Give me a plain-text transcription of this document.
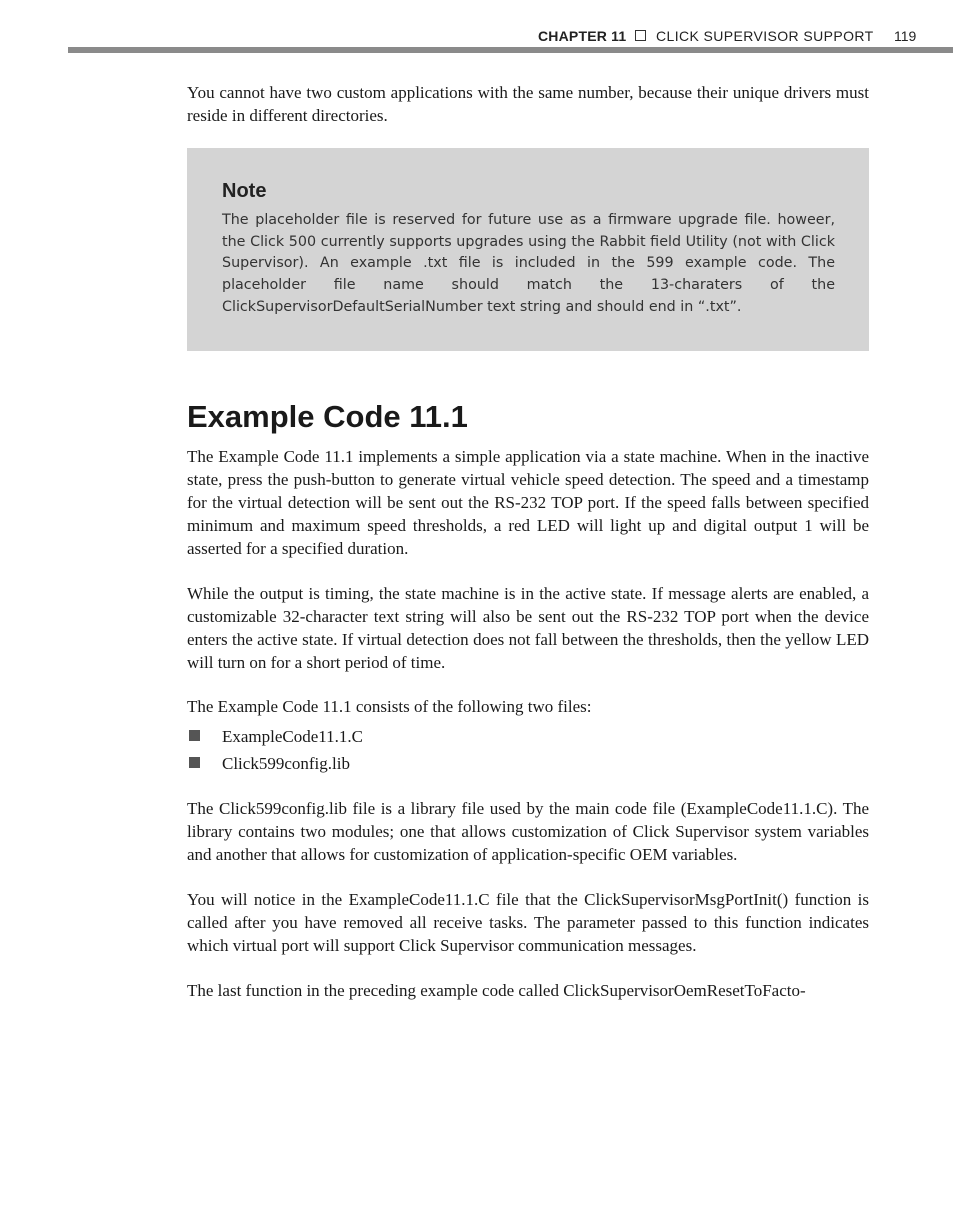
CHAPTER 11 CLICK SUPERVISOR SUPPORT 119

You cannot have two custom applications with the same number, because their unique drivers must reside in different directories.

Note

The placeholder file is reserved for future use as a firmware upgrade file. howeer, the Click 500 currently supports upgrades using the Rabbit field Utility (not with Click Supervisor). An example .txt file is included in the 599 example code. The placeholder file name should match the 13-charaters of the ClickSupervisorDefaultSerialNumber text string and should end in “.txt”.

Example Code 11.1

The Example Code 11.1 implements a simple application via a state machine. When in the inactive state, press the push-button to generate virtual vehicle speed detection. The speed and a timestamp for the virtual detection will be sent out the RS-232 TOP port. If the speed falls between specified minimum and maximum speed thresholds, a red LED will light up and digital output 1 will be asserted for a specified duration.

While the output is timing, the state machine is in the active state. If message alerts are enabled, a customizable 32-character text string will also be sent out the RS-232 TOP port when the device enters the active state. If virtual detection does not fall between the thresholds, then the yellow LED will turn on for a short period of time.

The Example Code 11.1 consists of the following two files:

ExampleCode11.1.C
Click599config.lib

The Click599config.lib file is a library file used by the main code file (ExampleCode11.1.C). The library contains two modules; one that allows customization of Click Supervisor system variables and another that allows for customization of application-specific OEM variables.

You will notice in the ExampleCode11.1.C file that the ClickSupervisorMsgPortInit() function is called after you have removed all receive tasks. The parameter passed to this function indicates which virtual port will support Click Supervisor communication messages.

The last function in the preceding example code called ClickSupervisorOemResetToFacto-
